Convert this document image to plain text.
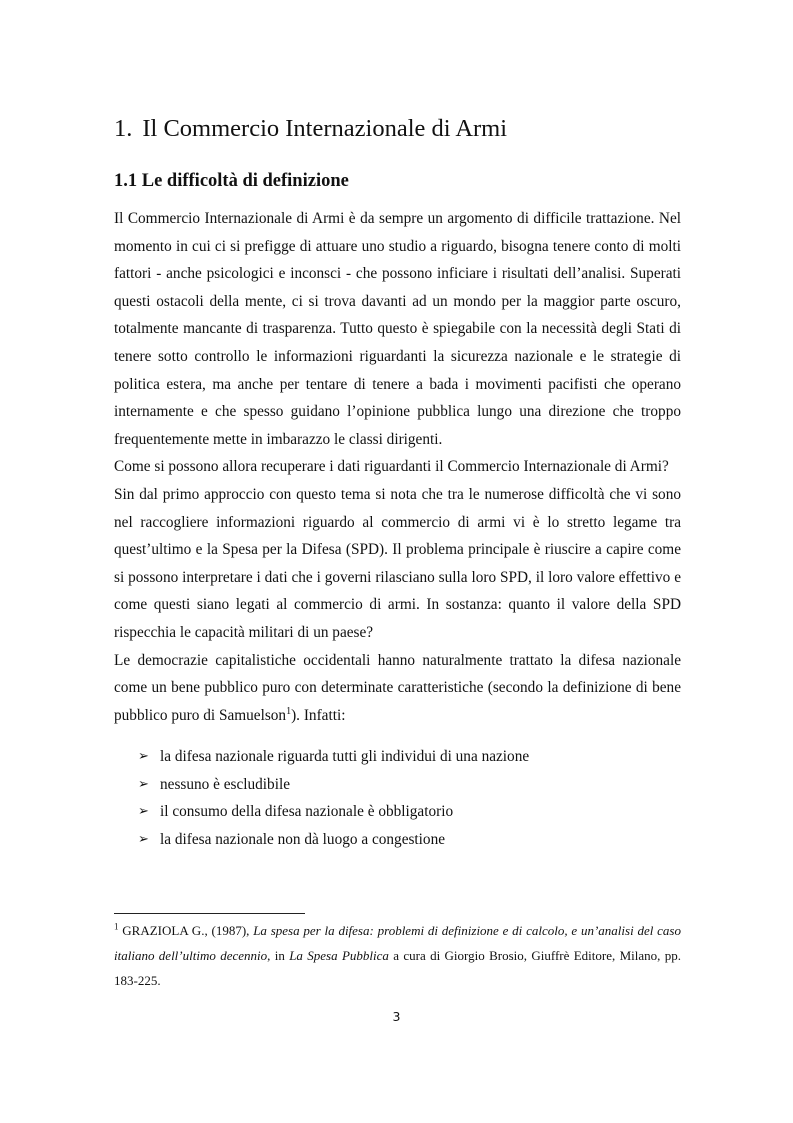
1. Il Commercio Internazionale di Armi
1.1 Le difficoltà di definizione

Il Commercio Internazionale di Armi è da sempre un argomento di difficile trattazione. Nel momento in cui ci si prefigge di attuare uno studio a riguardo, bisogna tenere conto di molti fattori - anche psicologici e inconsci - che possono inficiare i risultati dell’analisi. Superati questi ostacoli della mente, ci si trova davanti ad un mondo per la maggior parte oscuro, totalmente mancante di trasparenza. Tutto questo è spiegabile con la necessità degli Stati di tenere sotto controllo le informazioni riguardanti la sicurezza nazionale e le strategie di politica estera, ma anche per tentare di tenere a bada i movimenti pacifisti che operano internamente e che spesso guidano l’opinione pubblica lungo una direzione che troppo frequentemente mette in imbarazzo le classi dirigenti.

Come si possono allora recuperare i dati riguardanti il Commercio Internazionale di Armi?

Sin dal primo approccio con questo tema si nota che tra le numerose difficoltà che vi sono nel raccogliere informazioni riguardo al commercio di armi vi è lo stretto legame tra quest’ultimo e la Spesa per la Difesa (SPD). Il problema principale è riuscire a capire come si possono interpretare i dati che i governi rilasciano sulla loro SPD, il loro valore effettivo e come questi siano legati al commercio di armi. In sostanza: quanto il valore della SPD rispecchia le capacità militari di un paese?

Le democrazie capitalistiche occidentali hanno naturalmente trattato la difesa nazionale come un bene pubblico puro con determinate caratteristiche (secondo la definizione di bene pubblico puro di Samuelson$^1$). Infatti:

➢ la difesa nazionale riguarda tutti gli individui di una nazione
➢ nessuno è escludibile
➢ il consumo della difesa nazionale è obbligatorio
➢ la difesa nazionale non dà luogo a congestione

$^1$ GRAZIOLA G., (1987), La spesa per la difesa: problemi di definizione e di calcolo, e un’analisi del caso italiano dell’ultimo decennio, in La Spesa Pubblica a cura di Giorgio Brosio, Giuffrè Editore, Milano, pp. 183-225.

3
